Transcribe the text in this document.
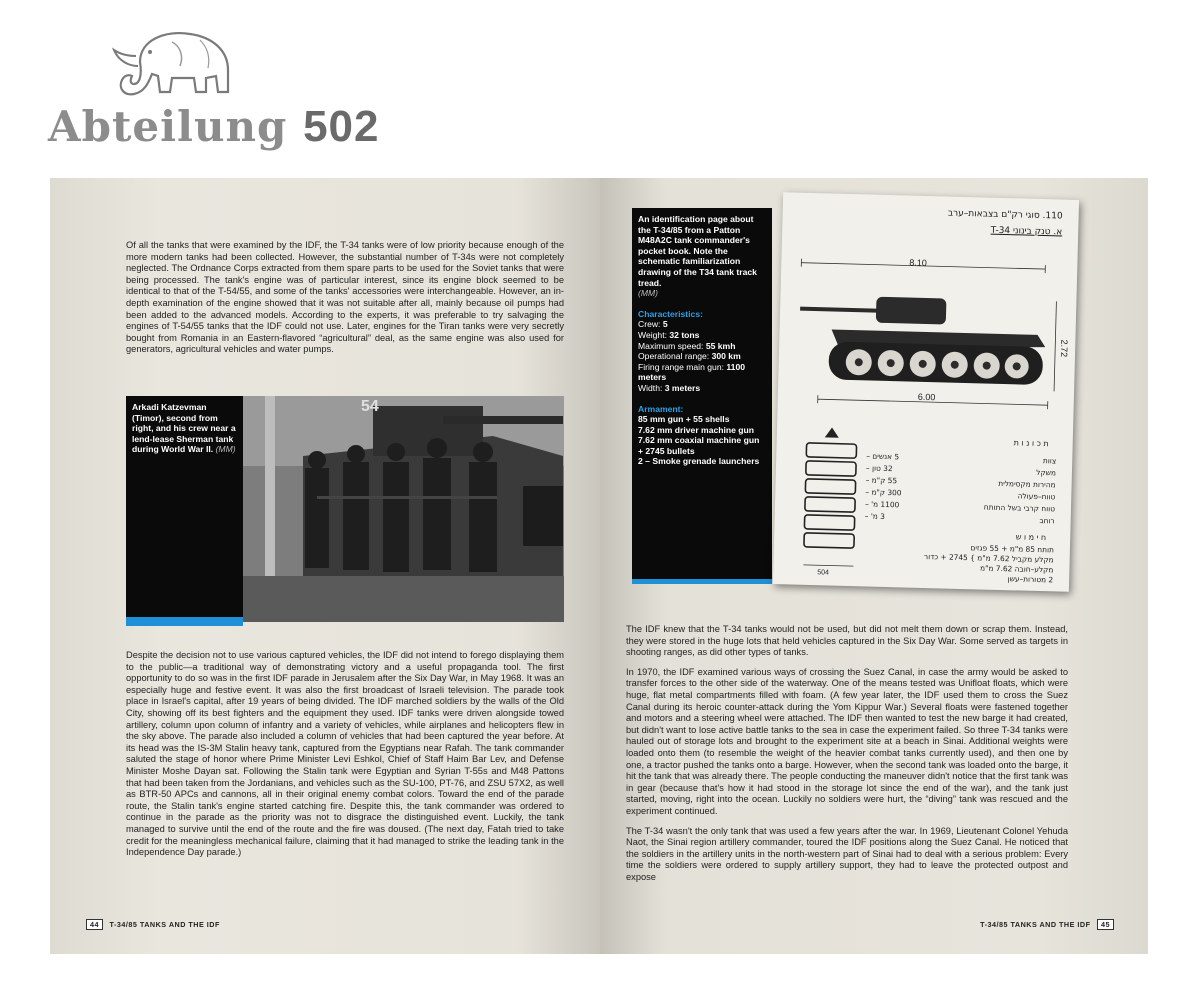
Abteilung 502

Of all the tanks that were examined by the IDF, the T-34 tanks were of low priority because enough of the more modern tanks had been collected. However, the substantial number of T-34s were not completely neglected. The Ordnance Corps extracted from them spare parts to be used for the Soviet tanks that were being processed. The tank's engine was of particular interest, since its engine block seemed to be identical to that of the T-54/55, and some of the tanks' accessories were interchangeable. However, an in-depth examination of the engine showed that it was not suitable after all, mainly because oil pumps had been added to the advanced models. According to the experts, it was preferable to try salvaging the engines of T-54/55 tanks that the IDF could not use. Later, engines for the Tiran tanks were very secretly bought from Romania in an Eastern-flavored “agricultural” deal, as the same engine was also used for generators, agricultural vehicles and water pumps.

Arkadi Katzevman (Timor), second from right, and his crew near a lend-lease Sherman tank during World War II. (MM)
54

Despite the decision not to use various captured vehicles, the IDF did not intend to forego displaying them to the public—a traditional way of demonstrating victory and a useful propaganda tool. The first opportunity to do so was in the first IDF parade in Jerusalem after the Six Day War, in May 1968. It was an especially huge and festive event. It was also the first broadcast of Israeli television. The parade took place in Israel's capital, after 19 years of being divided. The IDF marched soldiers by the walls of the Old City, showing off its best fighters and the equipment they used. IDF tanks were driven alongside towed artillery, column upon column of infantry and a variety of vehicles, while airplanes and helicopters flew in the sky above. The parade also included a column of vehicles that had been captured the year before. At its head was the IS-3M Stalin heavy tank, captured from the Egyptians near Rafah. The tank commander saluted the stage of honor where Prime Minister Levi Eshkol, Chief of Staff Haim Bar Lev, and Defense Minister Moshe Dayan sat. Following the Stalin tank were Egyptian and Syrian T-55s and M48 Pattons that had been taken from the Jordanians, and vehicles such as the SU-100, PT-76, and ZSU 57X2, as well as BTR-50 APCs and cannons, all in their original enemy combat colors. Toward the end of the parade route, the Stalin tank's engine started catching fire. Despite this, the tank commander was ordered to continue in the parade as the priority was not to disgrace the distinguished event. Luckily, the tank managed to survive until the end of the route and the fire was doused. (The next day, Fatah tried to take credit for the meaningless mechanical failure, claiming that it had managed to strike the leading tank in the Independence Day parade.)

44 T-34/85 TANKS AND THE IDF
An identification page about the T-34/85 from a Patton M48A2C tank commander's pocket book. Note the schematic familiarization drawing of the T34 tank track tread.
(MM)
Characteristics:
Crew: 5
Weight: 32 tons
Maximum speed: 55 kmh
Operational range: 300 km
Firing range main gun: 1100 meters
Width: 3 meters
Armament:
85 mm gun + 55 shells
7.62 mm driver machine gun
7.62 mm coaxial machine gun
+ 2745 bullets
2 – Smoke grenade launchers
110. סוגי רק"ם בצבאות–ערב
א. טנק בינוני T-34
8.10
2.72
6.00
504
ת כ ו נ ו ת
צוות
5 אנשים –
משקל
32 טון –
מהירות מקסימלית
55 ק"מ –
טווח–פעולה
300 ק"מ –
טווח קרבי בשל התותח
1100 מ' –
רוחב
3 מ' –
ח י מ ו ש
תותח 85 מ"מ + 55 פגזים
מקלע מקביל 7.62 מ"מ } 2745 + כדור
מקלע–חובה 7.62 מ"מ
2 מטורות–עשן

The IDF knew that the T-34 tanks would not be used, but did not melt them down or scrap them. Instead, they were stored in the huge lots that held vehicles captured in the Six Day War. Some served as targets in shooting ranges, as did other types of tanks.

In 1970, the IDF examined various ways of crossing the Suez Canal, in case the army would be asked to transfer forces to the other side of the waterway. One of the means tested was Unifloat floats, which were huge, flat metal compartments filled with foam. (A few year later, the IDF used them to cross the Suez Canal during its heroic counter-attack during the Yom Kippur War.) Several floats were fastened together and motors and a steering wheel were attached. The IDF then wanted to test the new barge it had created, but didn't want to lose active battle tanks to the sea in case the experiment failed. So three T-34 tanks were hauled out of storage lots and brought to the experiment site at a beach in Sinai. Additional weights were loaded onto them (to resemble the weight of the heavier combat tanks currently used), and then one by one, a tractor pushed the tanks onto a barge. However, when the second tank was loaded onto the barge, it hit the tank that was already there. The people conducting the maneuver didn't notice that the first tank was in gear (because that's how it had stood in the storage lot since the end of the war), and the tank just started, moving, right into the ocean. Luckily no soldiers were hurt, the “diving” tank was rescued and the experiment continued.

The T-34 wasn't the only tank that was used a few years after the war. In 1969, Lieutenant Colonel Yehuda Naot, the Sinai region artillery commander, toured the IDF positions along the Suez Canal. He noticed that the soldiers in the artillery units in the north-western part of Sinai had to deal with a serious problem: Every time the soldiers were ordered to supply artillery support, they had to leave the protected outpost and expose

T-34/85 TANKS AND THE IDF 45
